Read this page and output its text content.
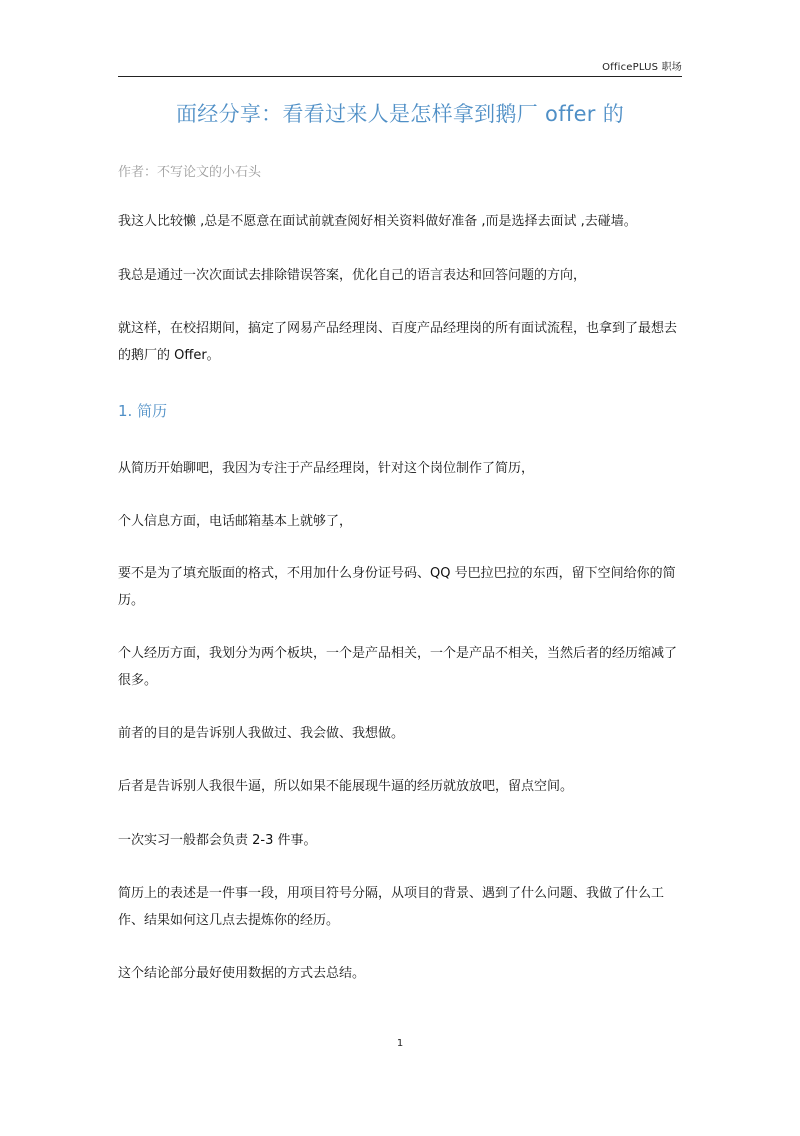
OfficePLUS 职场
面经分享：看看过来人是怎样拿到鹅厂 offer 的
作者：不写论文的小石头

我这人比较懒 ,总是不愿意在面试前就查阅好相关资料做好准备 ,而是选择去面试 ,去碰墙。

我总是通过一次次面试去排除错误答案，优化自己的语言表达和回答问题的方向，

就这样，在校招期间，搞定了网易产品经理岗、百度产品经理岗的所有面试流程，也拿到了最想去的鹅厂的 Offer。

1. 简历

从简历开始聊吧，我因为专注于产品经理岗，针对这个岗位制作了简历，

个人信息方面，电话邮箱基本上就够了，

要不是为了填充版面的格式，不用加什么身份证号码、QQ 号巴拉巴拉的东西，留下空间给你的简历。

个人经历方面，我划分为两个板块，一个是产品相关，一个是产品不相关，当然后者的经历缩减了很多。

前者的目的是告诉别人我做过、我会做、我想做。

后者是告诉别人我很牛逼，所以如果不能展现牛逼的经历就放放吧，留点空间。

一次实习一般都会负责 2-3 件事。

简历上的表述是一件事一段，用项目符号分隔，从项目的背景、遇到了什么问题、我做了什么工作、结果如何这几点去提炼你的经历。

这个结论部分最好使用数据的方式去总结。

1
